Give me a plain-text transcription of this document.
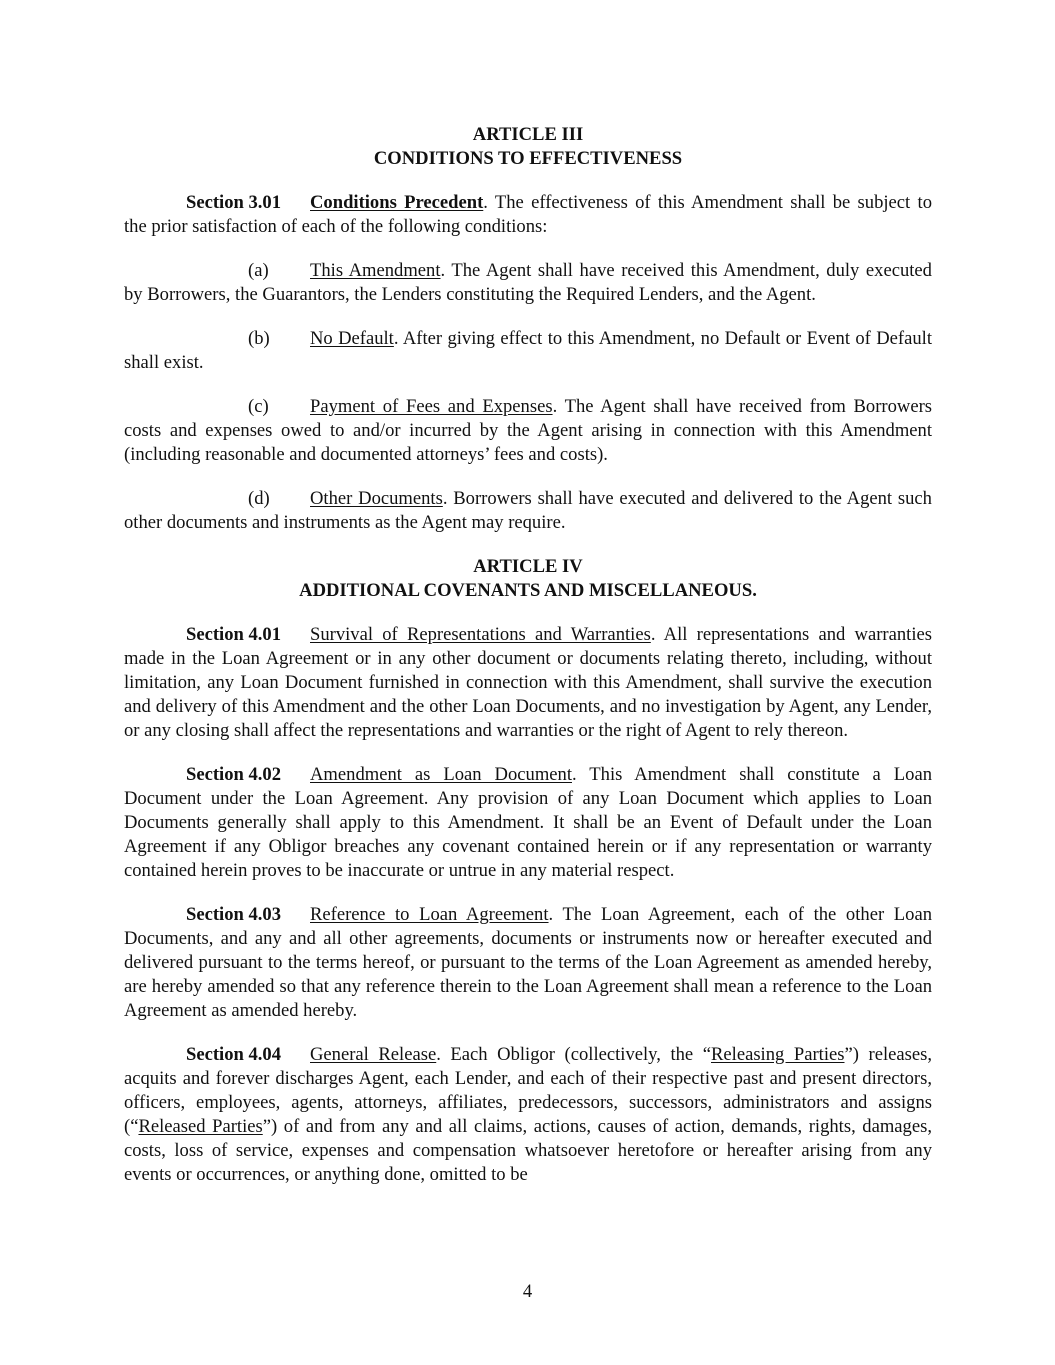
ARTICLE III
CONDITIONS TO EFFECTIVENESS

Section 3.01 Conditions Precedent. The effectiveness of this Amendment shall be subject to the prior satisfaction of each of the following conditions:

(a) This Amendment. The Agent shall have received this Amendment, duly executed by Borrowers, the Guarantors, the Lenders constituting the Required Lenders, and the Agent.

(b) No Default. After giving effect to this Amendment, no Default or Event of Default shall exist.

(c) Payment of Fees and Expenses. The Agent shall have received from Borrowers costs and expenses owed to and/or incurred by the Agent arising in connection with this Amendment (including reasonable and documented attorneys’ fees and costs).

(d) Other Documents. Borrowers shall have executed and delivered to the Agent such other documents and instruments as the Agent may require.

ARTICLE IV
ADDITIONAL COVENANTS AND MISCELLANEOUS.

Section 4.01 Survival of Representations and Warranties. All representations and warranties made in the Loan Agreement or in any other document or documents relating thereto, including, without limitation, any Loan Document furnished in connection with this Amendment, shall survive the execution and delivery of this Amendment and the other Loan Documents, and no investigation by Agent, any Lender, or any closing shall affect the representations and warranties or the right of Agent to rely thereon.

Section 4.02 Amendment as Loan Document. This Amendment shall constitute a Loan Document under the Loan Agreement. Any provision of any Loan Document which applies to Loan Documents generally shall apply to this Amendment. It shall be an Event of Default under the Loan Agreement if any Obligor breaches any covenant contained herein or if any representation or warranty contained herein proves to be inaccurate or untrue in any material respect.

Section 4.03 Reference to Loan Agreement. The Loan Agreement, each of the other Loan Documents, and any and all other agreements, documents or instruments now or hereafter executed and delivered pursuant to the terms hereof, or pursuant to the terms of the Loan Agreement as amended hereby, are hereby amended so that any reference therein to the Loan Agreement shall mean a reference to the Loan Agreement as amended hereby.

Section 4.04 General Release. Each Obligor (collectively, the “Releasing Parties”) releases, acquits and forever discharges Agent, each Lender, and each of their respective past and present directors, officers, employees, agents, attorneys, affiliates, predecessors, successors, administrators and assigns (“Released Parties”) of and from any and all claims, actions, causes of action, demands, rights, damages, costs, loss of service, expenses and compensation whatsoever heretofore or hereafter arising from any events or occurrences, or anything done, omitted to be

4
